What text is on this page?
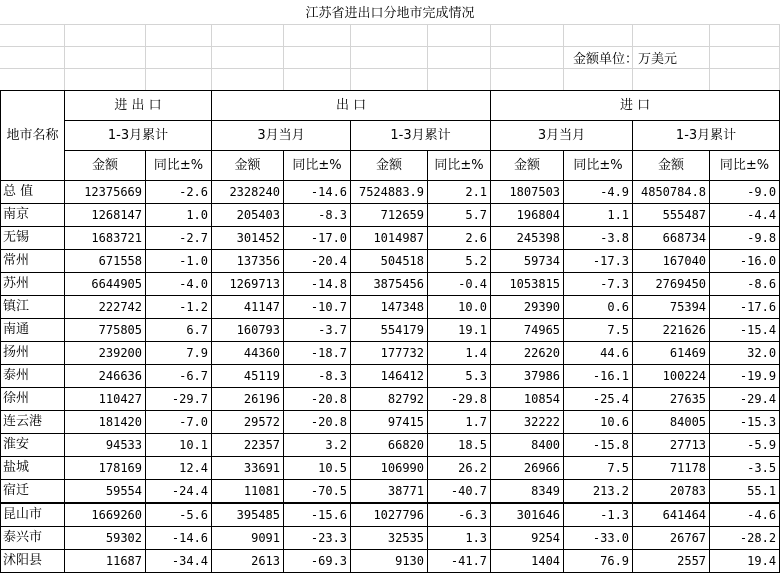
江苏省进出口分地市完成情况
金额单位：万美元
地市名称	进 出 口		出 口				进 口			
	1-3月累计		3月当月		1-3月累计		3月当月		1-3月累计	
	金额	同比±%	金额	同比±%	金额	同比±%	金额	同比±%	金额	同比±%
总 值	12375669	-2.6	2328240	-14.6	7524883.9	2.1	1807503	-4.9	4850784.8	-9.0
南京	1268147	1.0	205403	-8.3	712659	5.7	196804	1.1	555487	-4.4
无锡	1683721	-2.7	301452	-17.0	1014987	2.6	245398	-3.8	668734	-9.8
常州	671558	-1.0	137356	-20.4	504518	5.2	59734	-17.3	167040	-16.0
苏州	6644905	-4.0	1269713	-14.8	3875456	-0.4	1053815	-7.3	2769450	-8.6
镇江	222742	-1.2	41147	-10.7	147348	10.0	29390	0.6	75394	-17.6
南通	775805	6.7	160793	-3.7	554179	19.1	74965	7.5	221626	-15.4
扬州	239200	7.9	44360	-18.7	177732	1.4	22620	44.6	61469	32.0
泰州	246636	-6.7	45119	-8.3	146412	5.3	37986	-16.1	100224	-19.9
徐州	110427	-29.7	26196	-20.8	82792	-29.8	10854	-25.4	27635	-29.4
连云港	181420	-7.0	29572	-20.8	97415	1.7	32222	10.6	84005	-15.3
淮安	94533	10.1	22357	3.2	66820	18.5	8400	-15.8	27713	-5.9
盐城	178169	12.4	33691	10.5	106990	26.2	26966	7.5	71178	-3.5
宿迁	59554	-24.4	11081	-70.5	38771	-40.7	8349	213.2	20783	55.1
昆山市	1669260	-5.6	395485	-15.6	1027796	-6.3	301646	-1.3	641464	-4.6
泰兴市	59302	-14.6	9091	-23.3	32535	1.3	9254	-33.0	26767	-28.2
沭阳县	11687	-34.4	2613	-69.3	9130	-41.7	1404	76.9	2557	19.4
